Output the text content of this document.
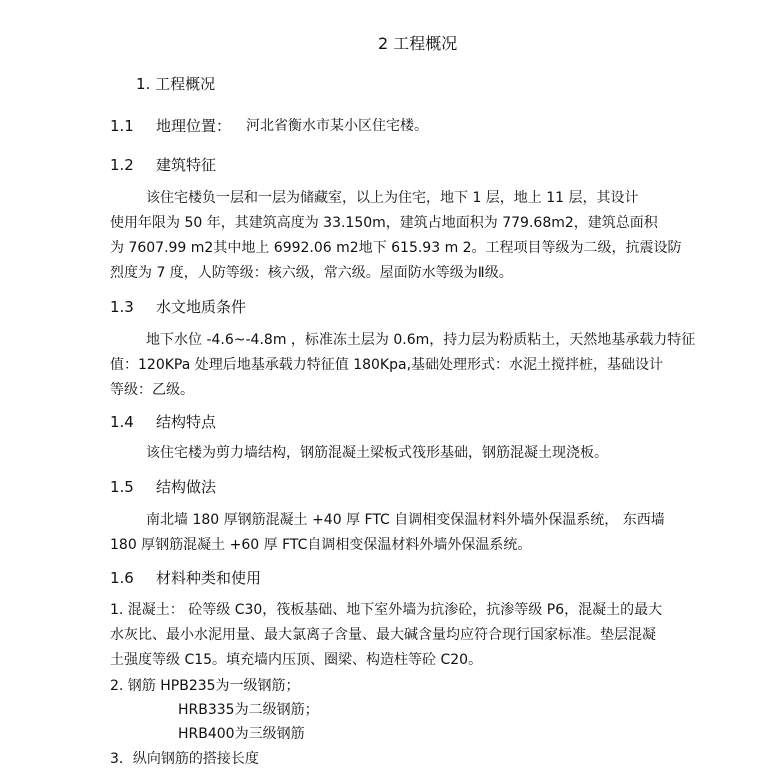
2 工程概况
1. 工程概况
1.1 地理位置： 河北省衡水市某小区住宅楼。
1.2 建筑特征
该住宅楼负一层和一层为储藏室，以上为住宅，地下 1 层，地上 11 层，其设计
使用年限为 50 年，其建筑高度为 33.150m，建筑占地面积为 779.68m2，建筑总面积
为 7607.99 m2其中地上 6992.06 m2地下 615.93 m 2。工程项目等级为二级，抗震设防
烈度为 7 度，人防等级：核六级，常六级。屋面防水等级为Ⅱ级。
1.3 水文地质条件
地下水位 -4.6~-4.8m ，标准冻土层为 0.6m，持力层为粉质粘土，天然地基承载力特征
值：120KPa 处理后地基承载力特征值 180Kpa,基础处理形式：水泥土搅拌桩，基础设计
等级：乙级。
1.4 结构特点
该住宅楼为剪力墙结构，钢筋混凝土梁板式筏形基础，钢筋混凝土现浇板。
1.5 结构做法
南北墙 180 厚钢筋混凝土 +40 厚 FTC 自调相变保温材料外墙外保温系统， 东西墙
180 厚钢筋混凝土 +60 厚 FTC自调相变保温材料外墙外保温系统。
1.6 材料种类和使用
1. 混凝土： 砼等级 C30，筏板基础、地下室外墙为抗渗砼，抗渗等级 P6，混凝土的最大
水灰比、最小水泥用量、最大氯离子含量、最大碱含量均应符合现行国家标准。垫层混凝
土强度等级 C15。填充墙内压顶、圈梁、构造柱等砼 C20。
2. 钢筋 HPB235为一级钢筋；
HRB335为二级钢筋；
HRB400为三级钢筋
3．纵向钢筋的搭接长度
